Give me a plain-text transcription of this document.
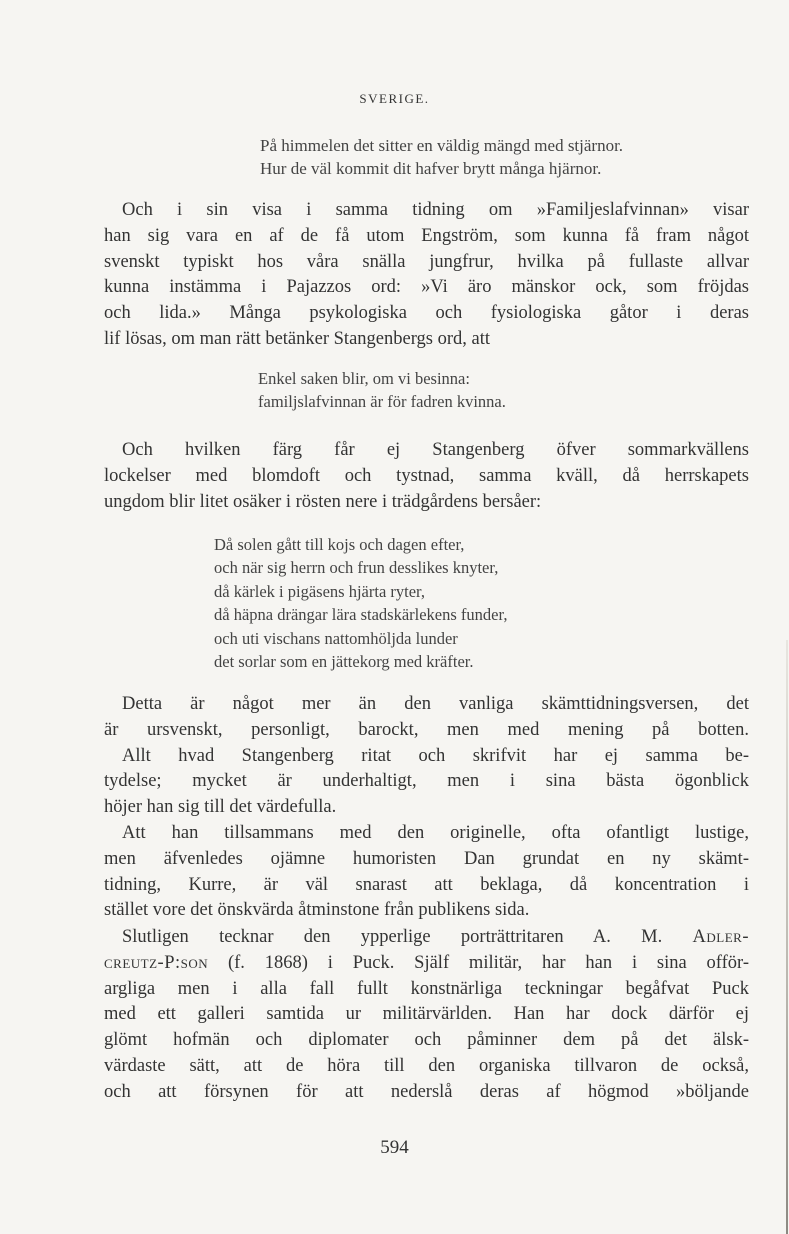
SVERIGE.
På himmelen det sitter en väldig mängd med stjärnor.
Hur de väl kommit dit hafver brytt många hjärnor.
Och i sin visa i samma tidning om »Familjeslafvinnan» visar
han sig vara en af de få utom Engström, som kunna få fram något
svenskt typiskt hos våra snälla jungfrur, hvilka på fullaste allvar
kunna instämma i Pajazzos ord: »Vi äro mänskor ock, som fröjdas
och lida.» Många psykologiska och fysiologiska gåtor i deras
lif lösas, om man rätt betänker Stangenbergs ord, att
Enkel saken blir, om vi besinna:
familjslafvinnan är för fadren kvinna.
Och hvilken färg får ej Stangenberg öfver sommarkvällens
lockelser med blomdoft och tystnad, samma kväll, då herrskapets
ungdom blir litet osäker i rösten nere i trädgårdens bersåer:
Då solen gått till kojs och dagen efter,
och när sig herrn och frun desslikes knyter,
då kärlek i pigäsens hjärta ryter,
då häpna drängar lära stadskärlekens funder,
och uti vischans nattomhöljda lunder
det sorlar som en jättekorg med kräfter.
Detta är något mer än den vanliga skämttidningsversen, det
är ursvenskt, personligt, barockt, men med mening på botten.
Allt hvad Stangenberg ritat och skrifvit har ej samma be-
tydelse; mycket är underhaltigt, men i sina bästa ögonblick
höjer han sig till det värdefulla.
Att han tillsammans med den originelle, ofta ofantligt lustige,
men äfvenledes ojämne humoristen Dan grundat en ny skämt-
tidning, Kurre, är väl snarast att beklaga, då koncentration i
stället vore det önskvärda åtminstone från publikens sida.
Slutligen tecknar den ypperlige porträttritaren A. M. Adler-
creutz-P:son (f. 1868) i Puck. Själf militär, har han i sina offör-
argliga men i alla fall fullt konstnärliga teckningar begåfvat Puck
med ett galleri samtida ur militärvärlden. Han har dock därför ej
glömt hofmän och diplomater och påminner dem på det älsk-
värdaste sätt, att de höra till den organiska tillvaron de också,
och att försynen för att nederslå deras af högmod »böljande
594
